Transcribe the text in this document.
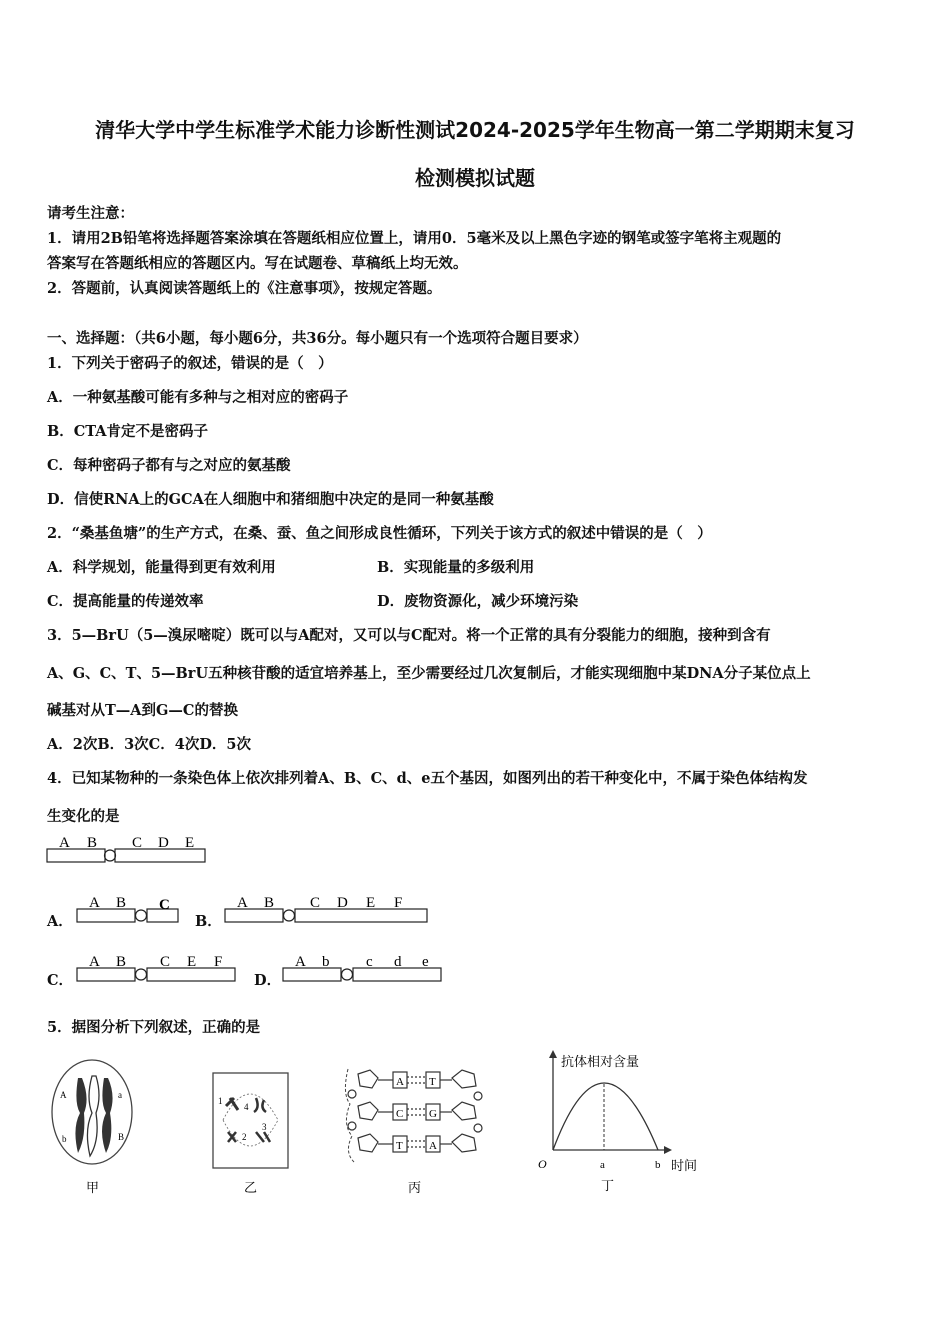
清华大学中学生标准学术能力诊断性测试2024-2025学年生物高一第二学期期末复习
检测模拟试题
请考生注意：
1．请用2B铅笔将选择题答案涂填在答题纸相应位置上，请用0．5毫米及以上黑色字迹的钢笔或签字笔将主观题的
答案写在答题纸相应的答题区内。写在试题卷、草稿纸上均无效。
2．答题前，认真阅读答题纸上的《注意事项》，按规定答题。
一、选择题：（共6小题，每小题6分，共36分。每小题只有一个选项符合题目要求）
1．下列关于密码子的叙述，错误的是（　）
A．一种氨基酸可能有多种与之相对应的密码子
B．CTA肯定不是密码子
C．每种密码子都有与之对应的氨基酸
D．信使RNA上的GCA在人细胞中和猪细胞中决定的是同一种氨基酸
2．“桑基鱼塘”的生产方式，在桑、蚕、鱼之间形成良性循环，下列关于该方式的叙述中错误的是（　）
A．科学规划，能量得到更有效利用	B．实现能量的多级利用
C．提高能量的传递效率	D．废物资源化，减少环境污染
3．5—BrU（5—溴尿嘧啶）既可以与A配对，又可以与C配对。将一个正常的具有分裂能力的细胞，接种到含有
A、G、C、T、5—BrU五种核苷酸的适宜培养基上，至少需要经过几次复制后，才能实现细胞中某DNA分子某位点上
碱基对从T—A到G—C的替换
A．2次B．3次C．4次D．5次
4．已知某物种的一条染色体上依次排列着A、B、C、d、e五个基因，如图列出的若干种变化中，不属于染色体结构发
生变化的是
A B C D E
A．
A B C
B．
A B C D E F
C．
A B C E F
D．
A b c d e
5．据图分析下列叙述，正确的是
A	a
b	B
甲
1
4
2
3
乙
A T
C G
T A
丙
抗体相对含量
O	a	b 时间
丁
